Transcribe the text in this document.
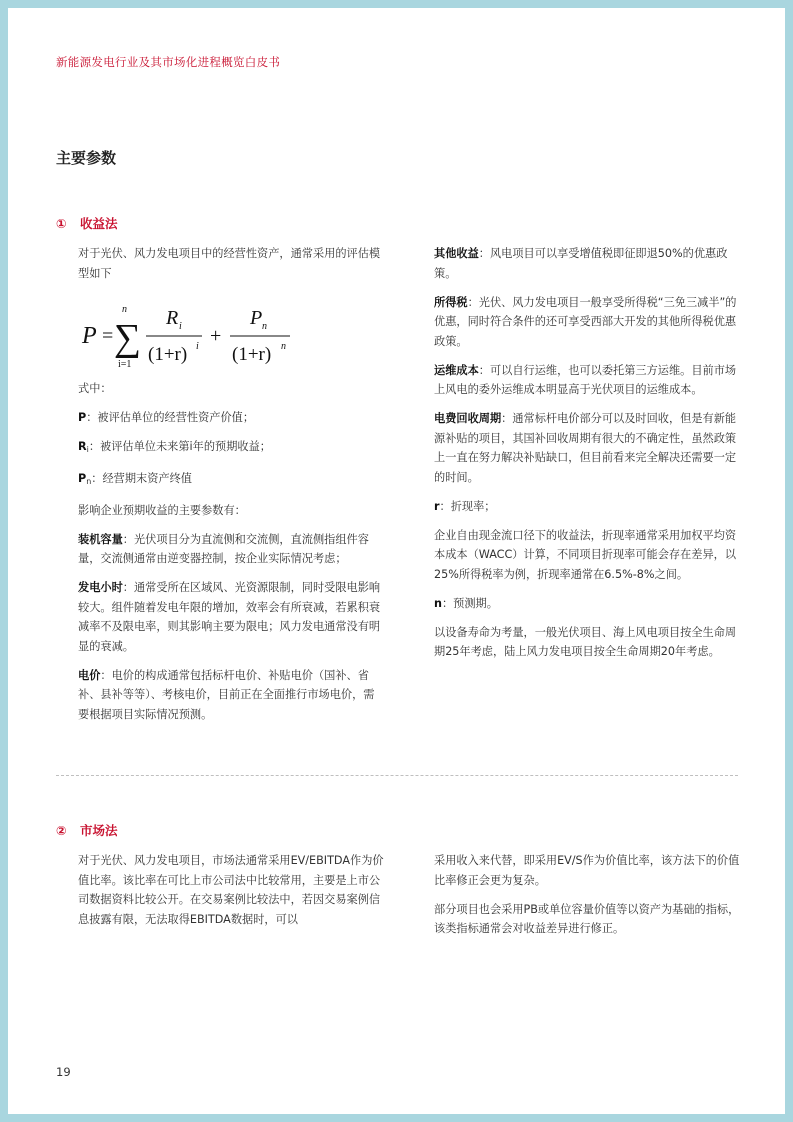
新能源发电行业及其市场化进程概览白皮书
主要参数
① 收益法

对于光伏、风力发电项目中的经营性资产，通常采用的评估模型如下

P =
n
∑
i=1
R i
(1+r) i +
P n
(1+r) n

式中：

P：被评估单位的经营性资产价值；

$R_i$：被评估单位未来第i年的预期收益；

$P_n$：经营期末资产终值

影响企业预期收益的主要参数有：

装机容量：光伏项目分为直流侧和交流侧，直流侧指组件容量，交流侧通常由逆变器控制，按企业实际情况考虑；

发电小时：通常受所在区域风、光资源限制，同时受限电影响较大。组件随着发电年限的增加，效率会有所衰减，若累积衰减率不及限电率，则其影响主要为限电；风力发电通常没有明显的衰减。

电价：电价的构成通常包括标杆电价、补贴电价（国补、省补、县补等等）、考核电价，目前正在全面推行市场电价，需要根据项目实际情况预测。

其他收益：风电项目可以享受增值税即征即退50%的优惠政策。

所得税：光伏、风力发电项目一般享受所得税“三免三减半”的优惠，同时符合条件的还可享受西部大开发的其他所得税优惠政策。

运维成本：可以自行运维，也可以委托第三方运维。目前市场上风电的委外运维成本明显高于光伏项目的运维成本。

电费回收周期：通常标杆电价部分可以及时回收，但是有新能源补贴的项目，其国补回收周期有很大的不确定性，虽然政策上一直在努力解决补贴缺口，但目前看来完全解决还需要一定的时间。

r：折现率；

企业自由现金流口径下的收益法，折现率通常采用加权平均资本成本（WACC）计算，不同项目折现率可能会存在差异，以25%所得税率为例，折现率通常在6.5%-8%之间。

n：预测期。

以设备寿命为考量，一般光伏项目、海上风电项目按全生命周期25年考虑，陆上风力发电项目按全生命周期20年考虑。

② 市场法

对于光伏、风力发电项目，市场法通常采用EV/EBITDA作为价值比率。该比率在可比上市公司法中比较常用，主要是上市公司数据资料比较公开。在交易案例比较法中，若因交易案例信息披露有限，无法取得EBITDA数据时，可以

采用收入来代替，即采用EV/S作为价值比率，该方法下的价值比率修正会更为复杂。

部分项目也会采用PB或单位容量价值等以资产为基础的指标，该类指标通常会对收益差异进行修正。

19
